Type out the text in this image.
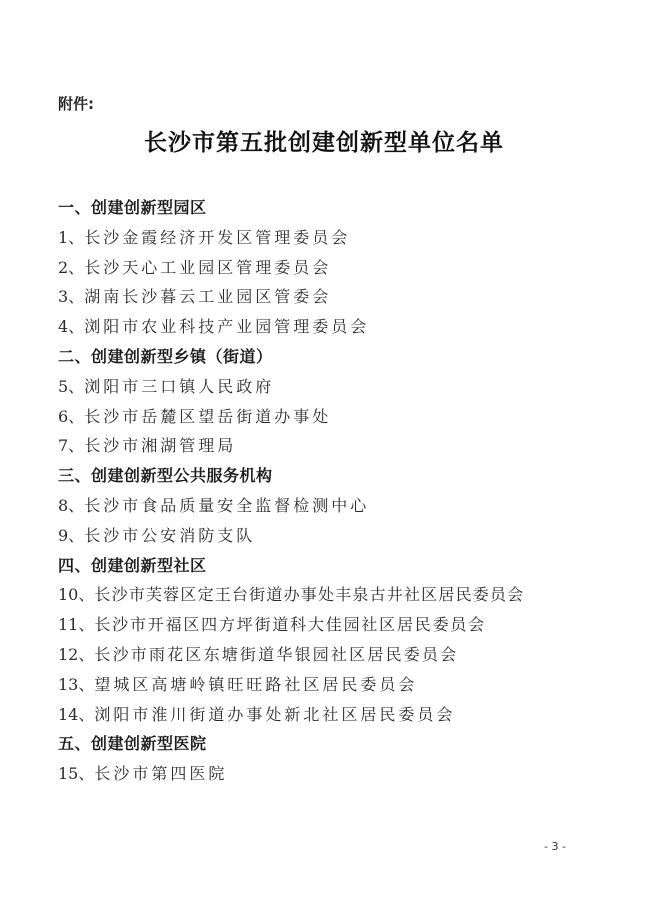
附件:
长沙市第五批创建创新型单位名单
一、创建创新型园区
1、长沙金霞经济开发区管理委员会
2、长沙天心工业园区管理委员会
3、湖南长沙暮云工业园区管委会
4、浏阳市农业科技产业园管理委员会
二、创建创新型乡镇（街道）
5、浏阳市三口镇人民政府
6、长沙市岳麓区望岳街道办事处
7、长沙市湘湖管理局
三、创建创新型公共服务机构
8、长沙市食品质量安全监督检测中心
9、长沙市公安消防支队
四、创建创新型社区
10、长沙市芙蓉区定王台街道办事处丰泉古井社区居民委员会
11、长沙市开福区四方坪街道科大佳园社区居民委员会
12、长沙市雨花区东塘街道华银园社区居民委员会
13、望城区高塘岭镇旺旺路社区居民委员会
14、浏阳市淮川街道办事处新北社区居民委员会
五、创建创新型医院
15、长沙市第四医院
- 3 -
